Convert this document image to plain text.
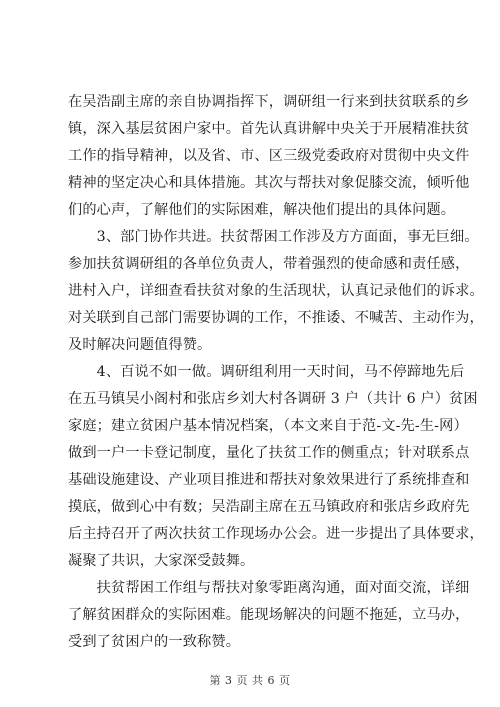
在吴浩副主席的亲自协调指挥下，调研组一行来到扶贫联系的乡
镇，深入基层贫困户家中。首先认真讲解中央关于开展精准扶贫
工作的指导精神，以及省、市、区三级党委政府对贯彻中央文件
精神的坚定决心和具体措施。其次与帮扶对象促膝交流，倾听他
们的心声，了解他们的实际困难，解决他们提出的具体问题。

　　3、部门协作共进。扶贫帮困工作涉及方方面面，事无巨细。
参加扶贫调研组的各单位负责人，带着强烈的使命感和责任感，
进村入户，详细查看扶贫对象的生活现状，认真记录他们的诉求。
对关联到自己部门需要协调的工作，不推诿、不喊苦、主动作为，
及时解决问题值得赞。

　　4、百说不如一做。调研组利用一天时间，马不停蹄地先后
在五马镇吴小阁村和张店乡刘大村各调研 3 户（共计 6 户）贫困
家庭；建立贫困户基本情况档案，（本文来自于范-文-先-生-网）
做到一户一卡登记制度，量化了扶贫工作的侧重点；针对联系点
基础设施建设、产业项目推进和帮扶对象效果进行了系统排查和
摸底，做到心中有数；吴浩副主席在五马镇政府和张店乡政府先
后主持召开了两次扶贫工作现场办公会。进一步提出了具体要求，
凝聚了共识，大家深受鼓舞。

　　扶贫帮困工作组与帮扶对象零距离沟通，面对面交流，详细
了解贫困群众的实际困难。能现场解决的问题不拖延，立马办，
受到了贫困户的一致称赞。

第 3 页 共 6 页
